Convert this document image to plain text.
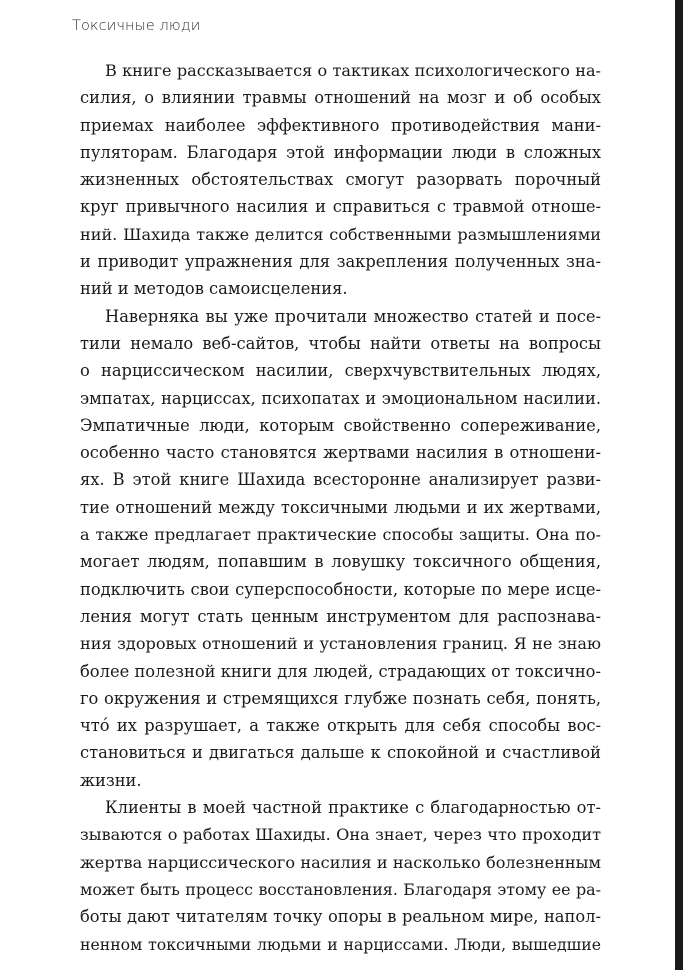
Токсичные люди

В книге рассказывается о тактиках психологического на-
силия, о влиянии травмы отношений на мозг и об особых
приемах наиболее эффективного противодействия мани-
пуляторам. Благодаря этой информации люди в сложных
жизненных обстоятельствах смогут разорвать порочный
круг привычного насилия и справиться с травмой отноше-
ний. Шахида также делится собственными размышлениями
и приводит упражнения для закрепления полученных зна-
ний и методов самоисцеления.

Наверняка вы уже прочитали множество статей и посе-
тили немало веб-сайтов, чтобы найти ответы на вопросы
о нарциссическом насилии, сверхчувствительных людях,
эмпатах, нарциссах, психопатах и эмоциональном насилии.
Эмпатичные люди, которым свойственно сопереживание,
особенно часто становятся жертвами насилия в отношени-
ях. В этой книге Шахида всесторонне анализирует разви-
тие отношений между токсичными людьми и их жертвами,
а также предлагает практические способы защиты. Она по-
могает людям, попавшим в ловушку токсичного общения,
подключить свои суперспособности, которые по мере исце-
ления могут стать ценным инструментом для распознава-
ния здоровых отношений и установления границ. Я не знаю
более полезной книги для людей, страдающих от токсично-
го окружения и стремящихся глубже познать себя, понять,
чтó их разрушает, а также открыть для себя способы вос-
становиться и двигаться дальше к спокойной и счастливой
жизни.

Клиенты в моей частной практике с благодарностью от-
зываются о работах Шахиды. Она знает, через что проходит
жертва нарциссического насилия и насколько болезненным
может быть процесс восстановления. Благодаря этому ее ра-
боты дают читателям точку опоры в реальном мире, напол-
ненном токсичными людьми и нарциссами. Люди, вышедшие
